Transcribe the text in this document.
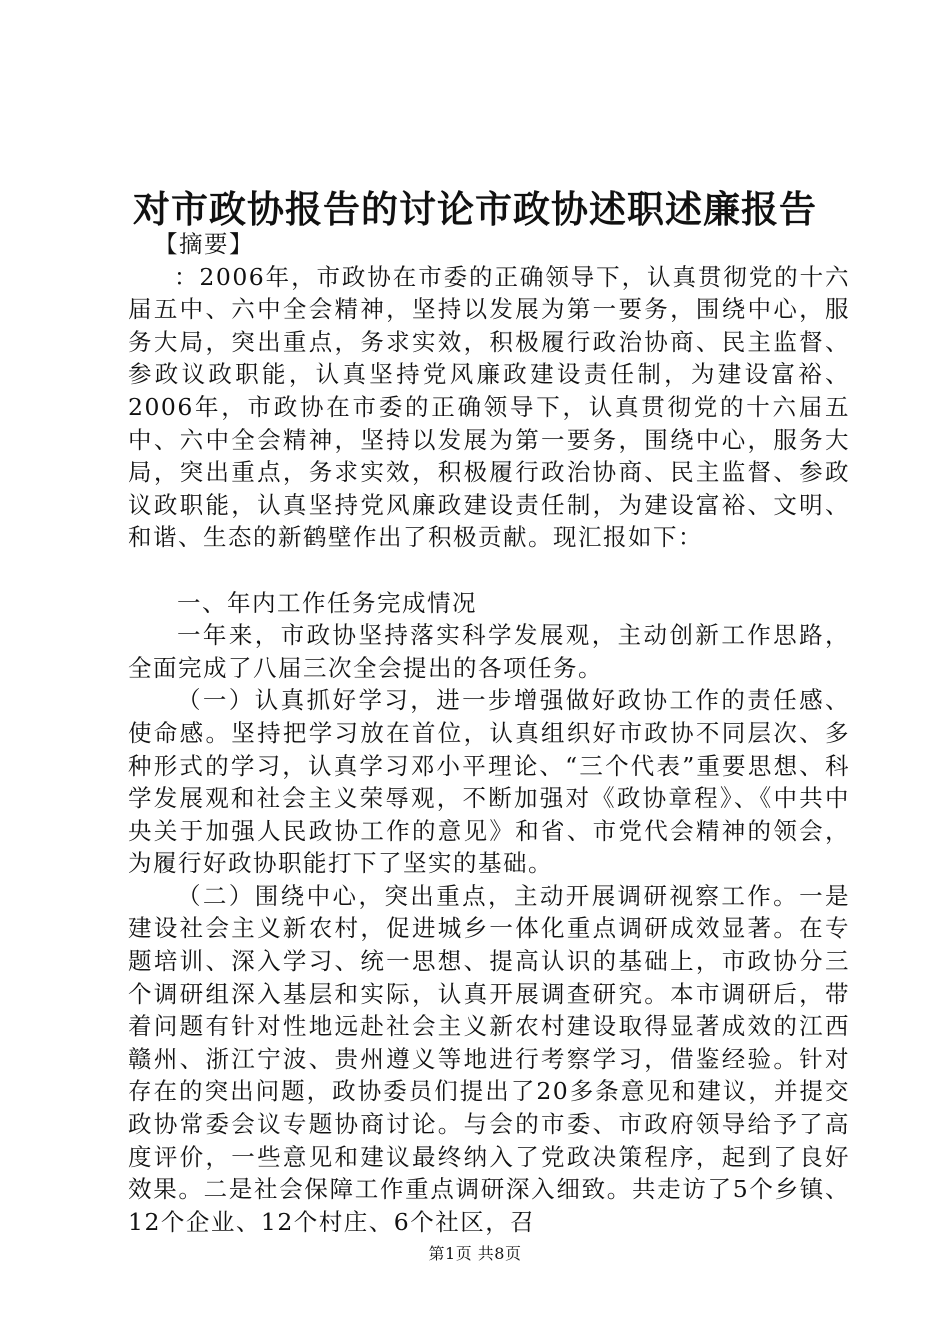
对市政协报告的讨论市政协述职述廉报告

【摘要】

：2006年，市政协在市委的正确领导下，认真贯彻党的十六届五中、六中全会精神，坚持以发展为第一要务，围绕中心，服务大局，突出重点，务求实效，积极履行政治协商、民主监督、参政议政职能，认真坚持党风廉政建设责任制，为建设富裕、2006年，市政协在市委的正确领导下，认真贯彻党的十六届五中、六中全会精神，坚持以发展为第一要务，围绕中心，服务大局，突出重点，务求实效，积极履行政治协商、民主监督、参政议政职能，认真坚持党风廉政建设责任制，为建设富裕、文明、和谐、生态的新鹤壁作出了积极贡献。现汇报如下：

一、年内工作任务完成情况

一年来，市政协坚持落实科学发展观，主动创新工作思路，全面完成了八届三次全会提出的各项任务。

（一）认真抓好学习，进一步增强做好政协工作的责任感、使命感。坚持把学习放在首位，认真组织好市政协不同层次、多种形式的学习，认真学习邓小平理论、“三个代表”重要思想、科学发展观和社会主义荣辱观，不断加强对《政协章程》、《中共中央关于加强人民政协工作的意见》和省、市党代会精神的领会，为履行好政协职能打下了坚实的基础。

（二）围绕中心，突出重点，主动开展调研视察工作。一是建设社会主义新农村，促进城乡一体化重点调研成效显著。在专题培训、深入学习、统一思想、提高认识的基础上，市政协分三个调研组深入基层和实际，认真开展调查研究。本市调研后，带着问题有针对性地远赴社会主义新农村建设取得显著成效的江西赣州、浙江宁波、贵州遵义等地进行考察学习，借鉴经验。针对存在的突出问题，政协委员们提出了20多条意见和建议，并提交政协常委会议专题协商讨论。与会的市委、市政府领导给予了高度评价，一些意见和建议最终纳入了党政决策程序，起到了良好效果。二是社会保障工作重点调研深入细致。共走访了5个乡镇、12个企业、12个村庄、6个社区，召

第1页 共8页
